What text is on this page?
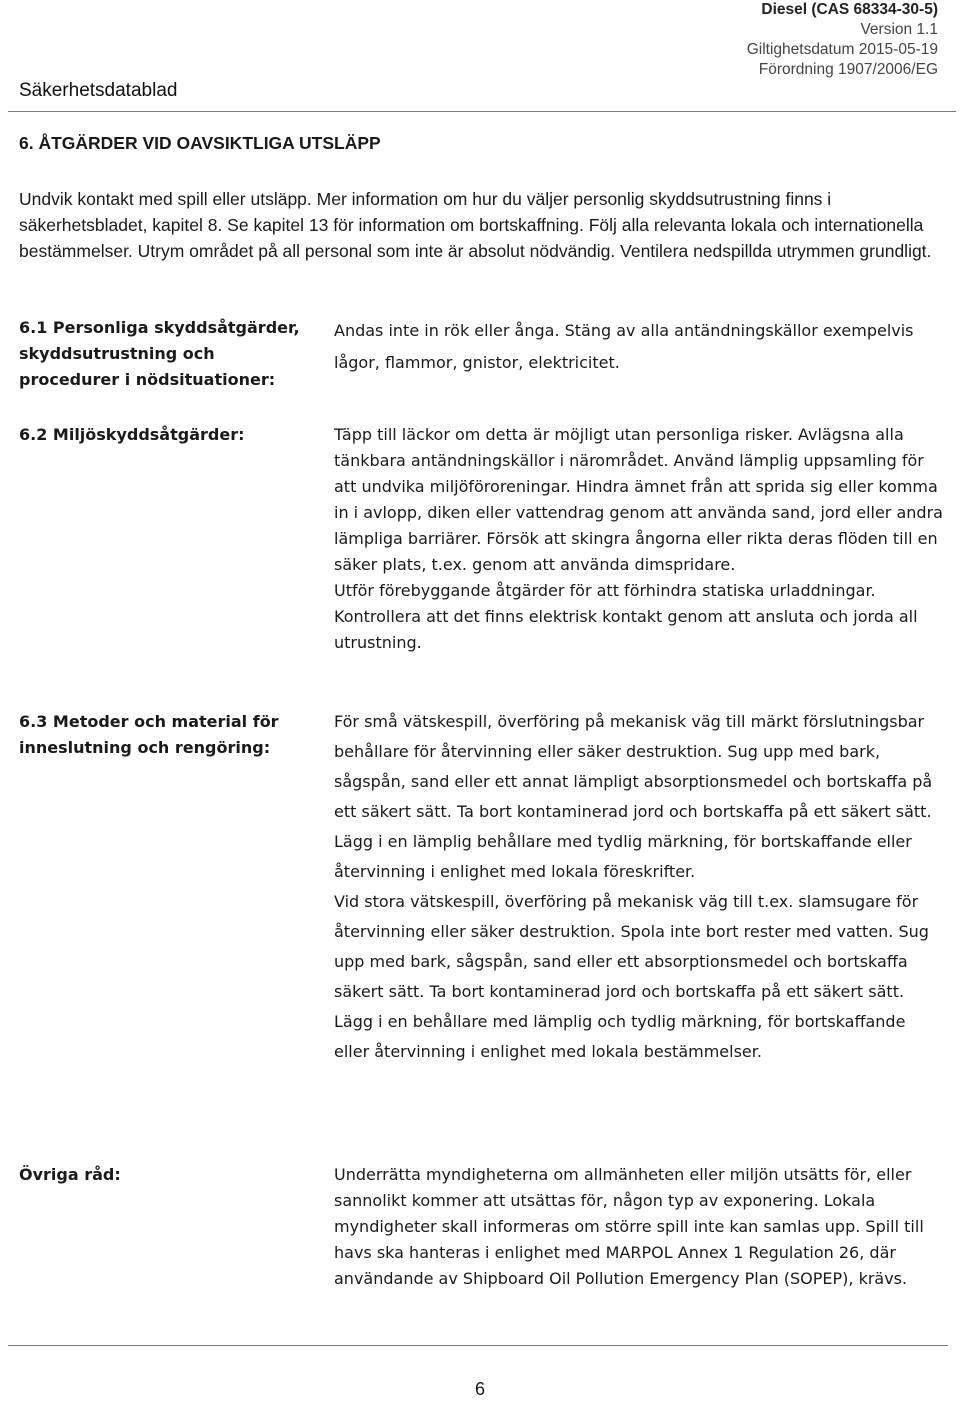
Säkerhetsdatablad
Diesel (CAS 68334-30-5)
Version 1.1
Giltighetsdatum 2015-05-19
Förordning 1907/2006/EG
6. ÅTGÄRDER VID OAVSIKTLIGA UTSLÄPP
Undvik kontakt med spill eller utsläpp. Mer information om hur du väljer personlig skyddsutrustning finns i säkerhetsbladet, kapitel 8. Se kapitel 13 för information om bortskaffning. Följ alla relevanta lokala och internationella bestämmelser. Utrym området på all personal som inte är absolut nödvändig. Ventilera nedspillda utrymmen grundligt.
6.1 Personliga skyddsåtgärder, skyddsutrustning och procedurer i nödsituationer:
Andas inte in rök eller ånga. Stäng av alla antändningskällor exempelvis lågor, flammor, gnistor, elektricitet.
6.2 Miljöskyddsåtgärder:	Täpp till läckor om detta är möjligt utan personliga risker. Avlägsna alla tänkbara antändningskällor i närområdet. Använd lämplig uppsamling för att undvika miljöföroreningar. Hindra ämnet från att sprida sig eller komma in i avlopp, diken eller vattendrag genom att använda sand, jord eller andra lämpliga barriärer. Försök att skingra ångorna eller rikta deras flöden till en säker plats, t.ex. genom att använda dimspridare.
Utför förebyggande åtgärder för att förhindra statiska urladdningar. Kontrollera att det finns elektrisk kontakt genom att ansluta och jorda all utrustning.
6.3 Metoder och material för inneslutning och rengöring:
För små vätskespill, överföring på mekanisk väg till märkt förslutningsbar behållare för återvinning eller säker destruktion. Sug upp med bark, sågspån, sand eller ett annat lämpligt absorptionsmedel och bortskaffa på ett säkert sätt. Ta bort kontaminerad jord och bortskaffa på ett säkert sätt. Lägg i en lämplig behållare med tydlig märkning, för bortskaffande eller återvinning i enlighet med lokala föreskrifter.
Vid stora vätskespill, överföring på mekanisk väg till t.ex. slamsugare för återvinning eller säker destruktion. Spola inte bort rester med vatten. Sug upp med bark, sågspån, sand eller ett absorptionsmedel och bortskaffa säkert sätt. Ta bort kontaminerad jord och bortskaffa på ett säkert sätt. Lägg i en behållare med lämplig och tydlig märkning, för bortskaffande eller återvinning i enlighet med lokala bestämmelser.
Övriga råd:	Underrätta myndigheterna om allmänheten eller miljön utsätts för, eller sannolikt kommer att utsättas för, någon typ av exponering. Lokala myndigheter skall informeras om större spill inte kan samlas upp. Spill till havs ska hanteras i enlighet med MARPOL Annex 1 Regulation 26, där användande av Shipboard Oil Pollution Emergency Plan (SOPEP), krävs.
6
